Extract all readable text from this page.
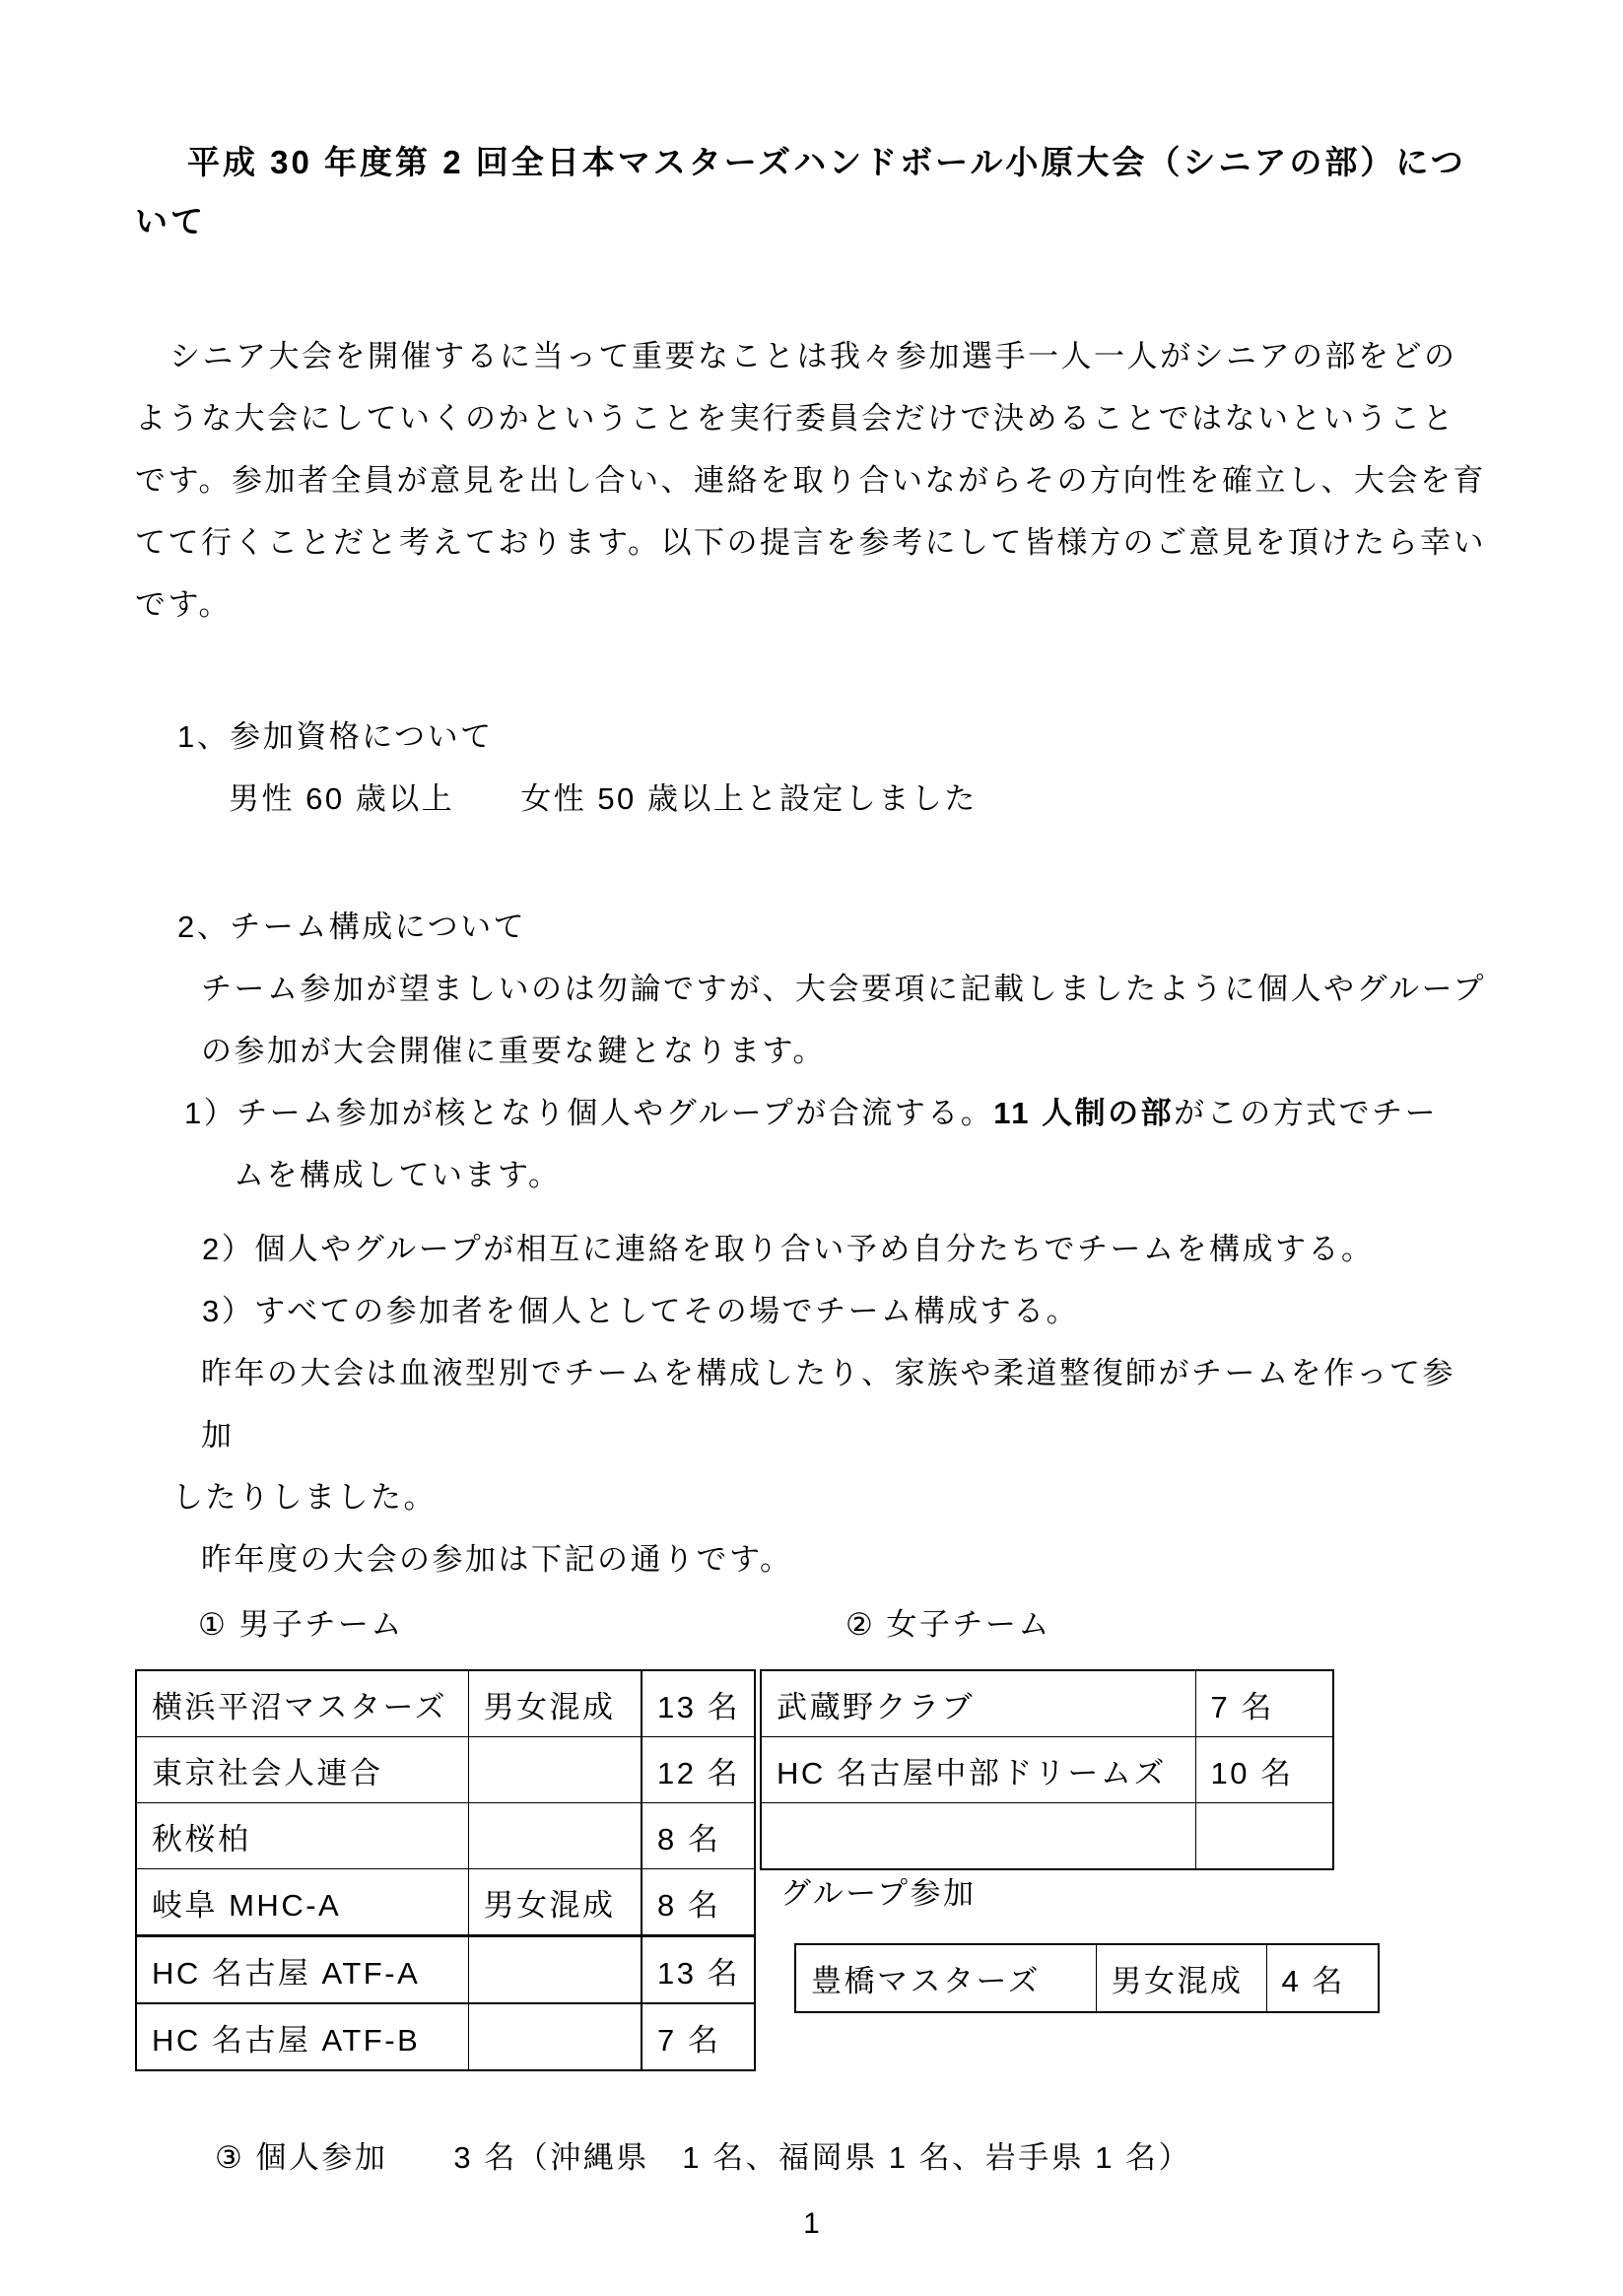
平成 30 年度第 2 回全日本マスターズハンドボール小原大会（シニアの部）につ
いて
シニア大会を開催するに当って重要なことは我々参加選手一人一人がシニアの部をどの
ような大会にしていくのかということを実行委員会だけで決めることではないということ
です。参加者全員が意見を出し合い、連絡を取り合いながらその方向性を確立し、大会を育
てて行くことだと考えております。以下の提言を参考にして皆様方のご意見を頂けたら幸い
です。
1、参加資格について
男性 60 歳以上　　女性 50 歳以上と設定しました
2、チーム構成について
チーム参加が望ましいのは勿論ですが、大会要項に記載しましたように個人やグループ
の参加が大会開催に重要な鍵となります。
1）チーム参加が核となり個人やグループが合流する。11 人制の部がこの方式でチー
ムを構成しています。
2）個人やグループが相互に連絡を取り合い予め自分たちでチームを構成する。
3）すべての参加者を個人としてその場でチーム構成する。
昨年の大会は血液型別でチームを構成したり、家族や柔道整復師がチームを作って参加
したりしました。
昨年度の大会の参加は下記の通りです。
① 男子チーム	② 女子チーム
横浜平沼マスターズ	男女混成	13 名
東京社会人連合		12 名
秋桜柏		8 名
岐阜 MHC-A	男女混成	8 名
HC 名古屋 ATF-A		13 名
HC 名古屋 ATF-B		7 名
武蔵野クラブ	7 名
HC 名古屋中部ドリームズ	10 名

グループ参加
豊橋マスターズ	男女混成	4 名
③ 個人参加　　3 名（沖縄県　1 名、福岡県 1 名、岩手県 1 名）
1
